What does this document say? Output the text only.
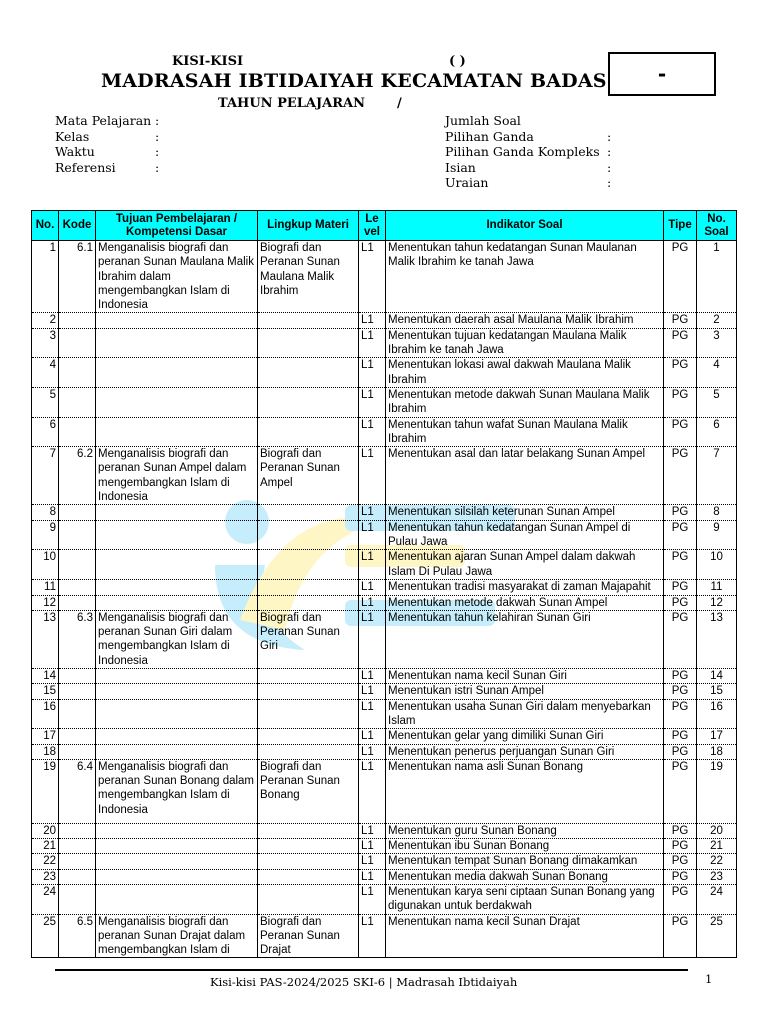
KISI-KISI	( )
MADRASAH IBTIDAIYAH KECAMATAN BADAS
TAHUN PELAJARAN /
-
Mata Pelajaran :
Kelas	:
Waktu	:
Referensi	:
Jumlah Soal
Pilihan Ganda	:
Pilihan Ganda Kompleks :
Isian	:
Uraian	:
No.	Kode	Tujuan Pembelajaran / Kompetensi Dasar	Lingkup Materi	Le vel	Indikator Soal	Tipe	No. Soal
1	6.1	Menganalisis biografi dan peranan Sunan Maulana Malik Ibrahim dalam mengembangkan Islam di Indonesia	Biografi dan Peranan Sunan Maulana Malik Ibrahim	L1	Menentukan tahun kedatangan Sunan Maulanan Malik Ibrahim ke tanah Jawa	PG	1
2				L1	Menentukan daerah asal Maulana Malik Ibrahim	PG	2
3				L1	Menentukan tujuan kedatangan Maulana Malik Ibrahim ke tanah Jawa	PG	3
4				L1	Menentukan lokasi awal dakwah Maulana Malik Ibrahim	PG	4
5				L1	Menentukan metode dakwah Sunan Maulana Malik Ibrahim	PG	5
6				L1	Menentukan tahun wafat Sunan Maulana Malik Ibrahim	PG	6
7	6.2	Menganalisis biografi dan peranan Sunan Ampel dalam mengembangkan Islam di Indonesia	Biografi dan Peranan Sunan Ampel	L1	Menentukan asal dan latar belakang Sunan Ampel	PG	7
8				L1	Menentukan silsilah keterunan Sunan Ampel	PG	8
9				L1	Menentukan tahun kedatangan Sunan Ampel di Pulau Jawa	PG	9
10				L1	Menentukan ajaran Sunan Ampel dalam dakwah Islam Di Pulau Jawa	PG	10
11				L1	Menentukan tradisi masyarakat di zaman Majapahit	PG	11
12				L1	Menentukan metode dakwah Sunan Ampel	PG	12
13	6.3	Menganalisis biografi dan peranan Sunan Giri dalam mengembangkan Islam di Indonesia	Biografi dan Peranan Sunan Giri	L1	Menentukan tahun kelahiran Sunan Giri	PG	13
14				L1	Menentukan nama kecil Sunan Giri	PG	14
15				L1	Menentukan istri Sunan Ampel	PG	15
16				L1	Menentukan usaha Sunan Giri dalam menyebarkan Islam	PG	16
17				L1	Menentukan gelar yang dimiliki Sunan Giri	PG	17
18				L1	Menentukan penerus perjuangan Sunan Giri	PG	18
19	6.4	Menganalisis biografi dan peranan Sunan Bonang dalam mengembangkan Islam di Indonesia	Biografi dan Peranan Sunan Bonang	L1	Menentukan nama asli Sunan Bonang	PG	19
20				L1	Menentukan guru Sunan Bonang	PG	20
21				L1	Menentukan ibu Sunan Bonang	PG	21
22				L1	Menentukan tempat Sunan Bonang dimakamkan	PG	22
23				L1	Menentukan media dakwah Sunan Bonang	PG	23
24				L1	Menentukan karya seni ciptaan Sunan Bonang yang digunakan untuk berdakwah	PG	24
25	6.5	Menganalisis biografi dan peranan Sunan Drajat dalam mengembangkan Islam di	Biografi dan Peranan Sunan Drajat	L1	Menentukan nama kecil Sunan Drajat	PG	25
Kisi-kisi PAS-2024/2025 SKI-6 | Madrasah Ibtidaiyah	1
